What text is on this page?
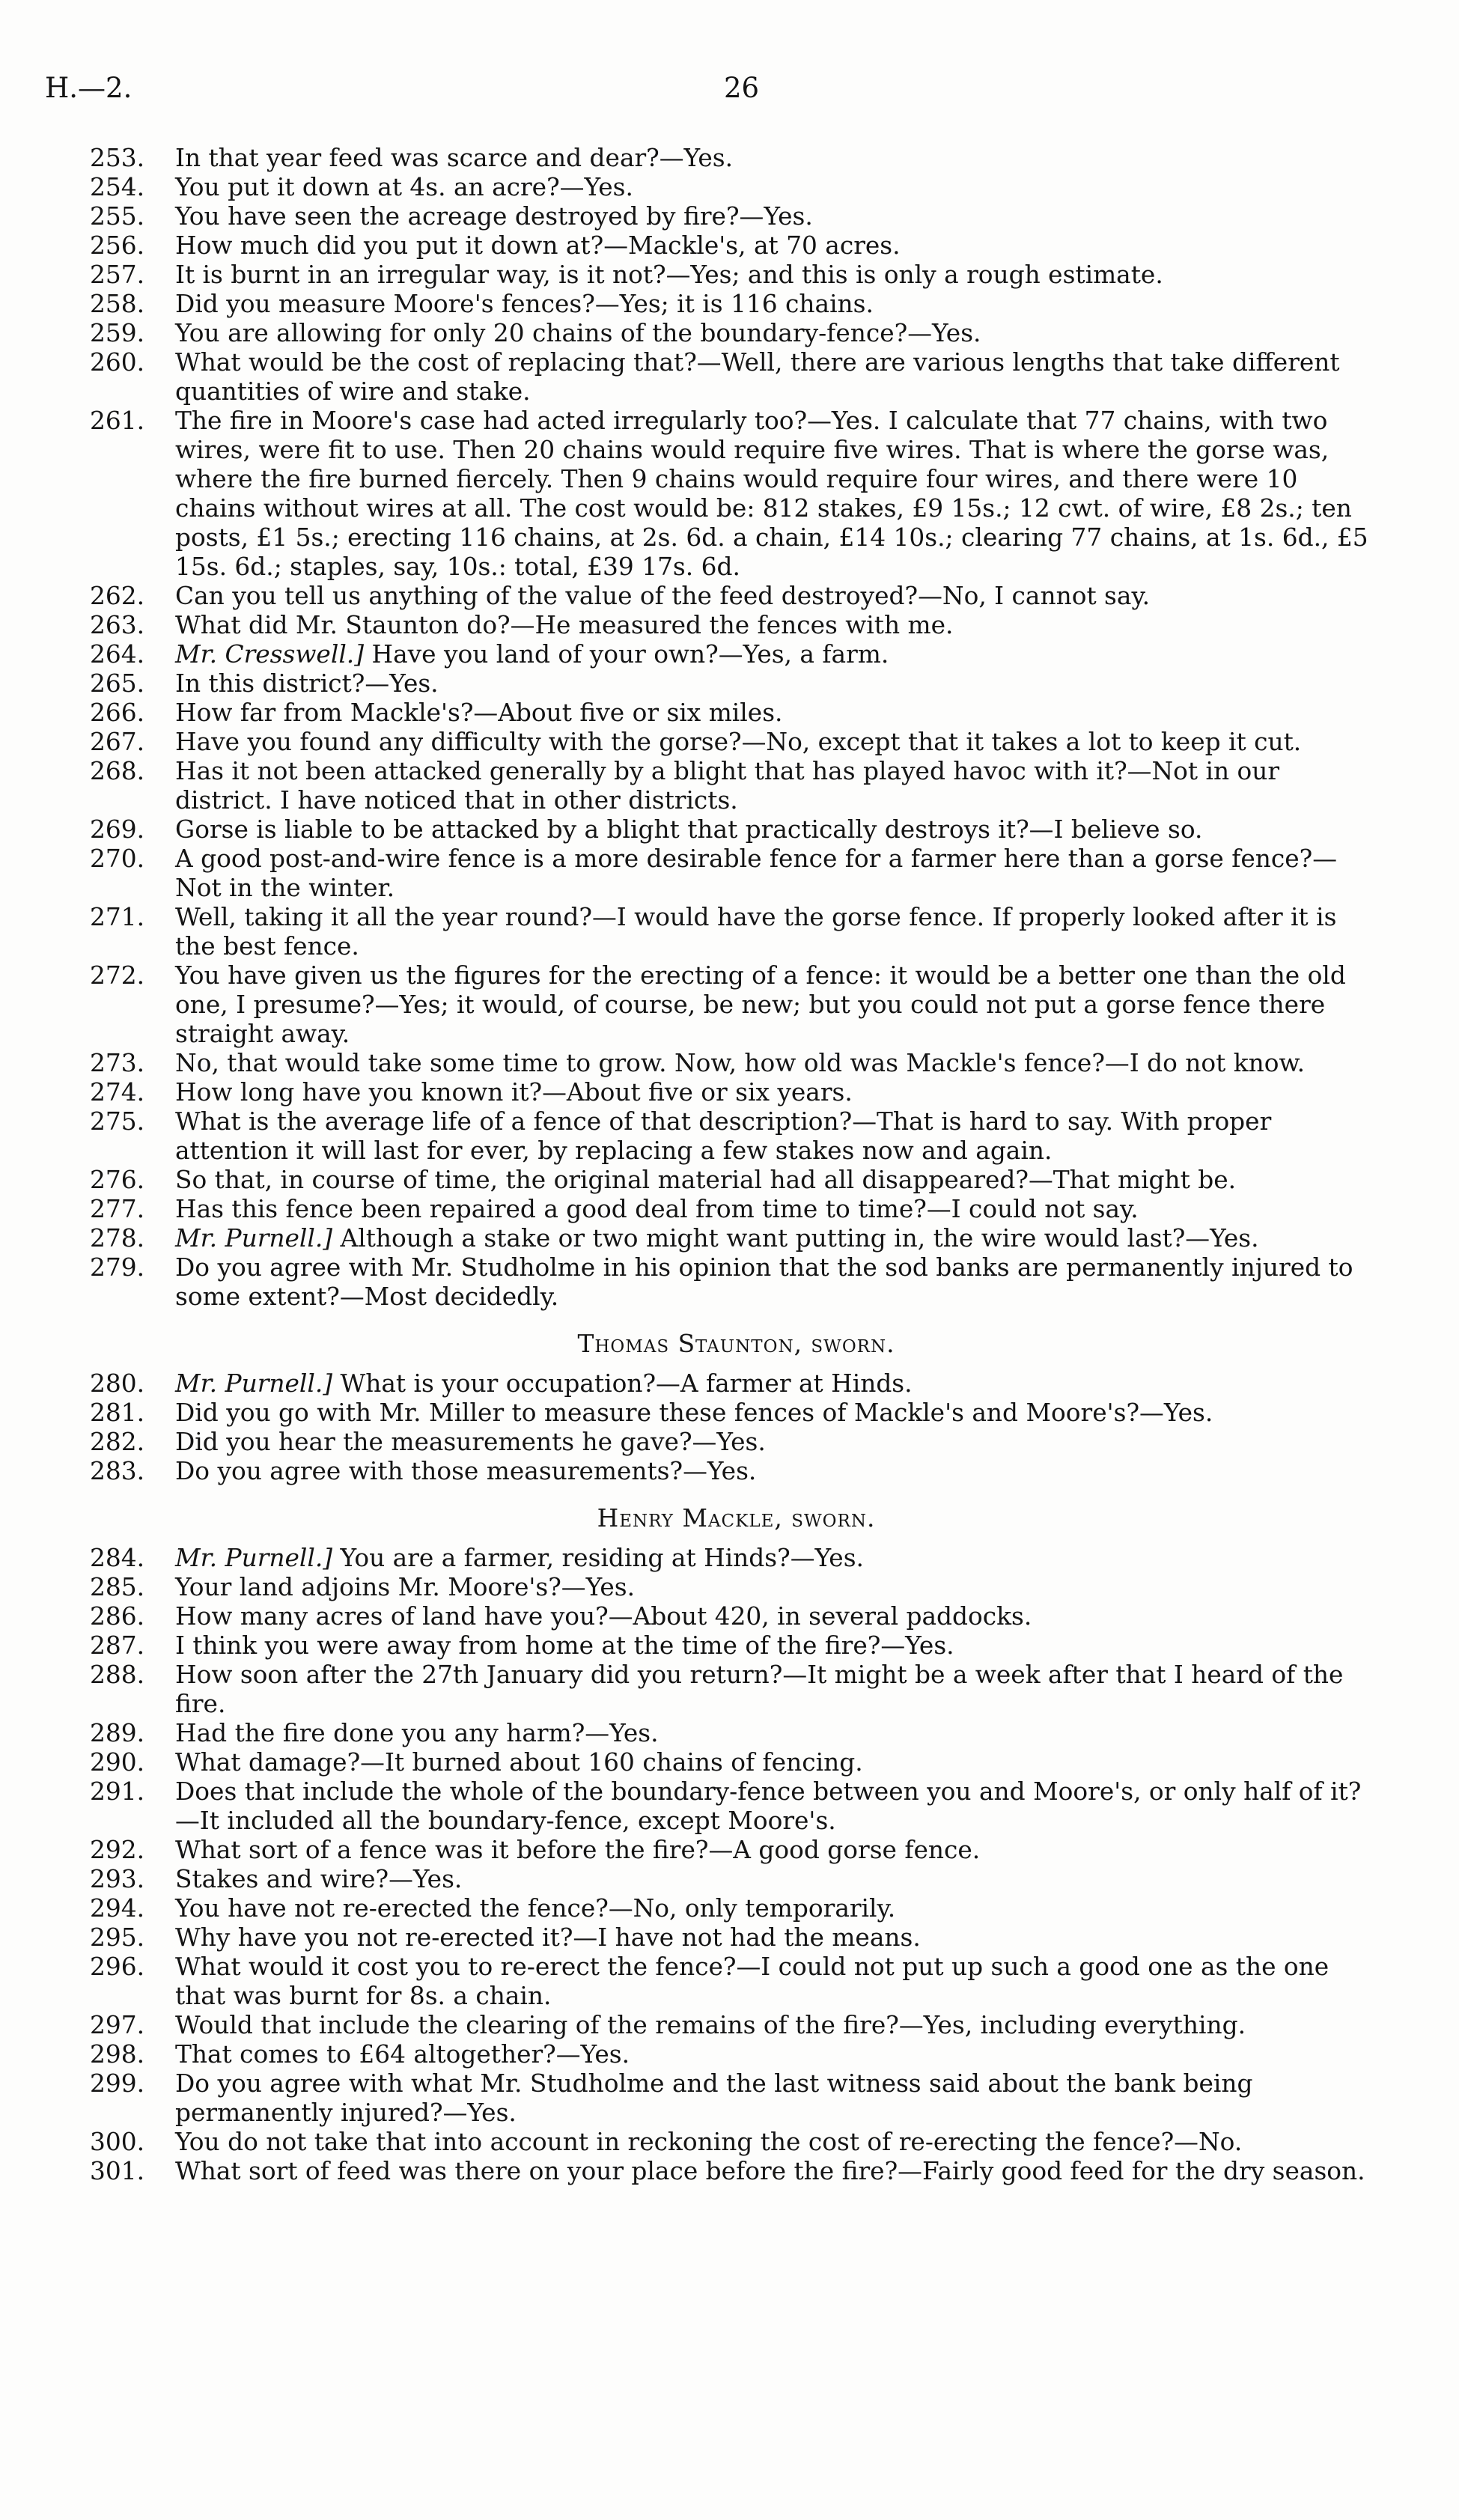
H.—2.	26

253. In that year feed was scarce and dear?—Yes.

254. You put it down at 4s. an acre?—Yes.

255. You have seen the acreage destroyed by fire?—Yes.

256. How much did you put it down at?—Mackle's, at 70 acres.

257. It is burnt in an irregular way, is it not?—Yes; and this is only a rough estimate.

258. Did you measure Moore's fences?—Yes; it is 116 chains.

259. You are allowing for only 20 chains of the boundary-fence?—Yes.

260. What would be the cost of replacing that?—Well, there are various lengths that take different quantities of wire and stake.

261. The fire in Moore's case had acted irregularly too?—Yes. I calculate that 77 chains, with two wires, were fit to use. Then 20 chains would require five wires. That is where the gorse was, where the fire burned fiercely. Then 9 chains would require four wires, and there were 10 chains without wires at all. The cost would be: 812 stakes, £9 15s.; 12 cwt. of wire, £8 2s.; ten posts, £1 5s.; erecting 116 chains, at 2s. 6d. a chain, £14 10s.; clearing 77 chains, at 1s. 6d., £5 15s. 6d.; staples, say, 10s.: total, £39 17s. 6d.

262. Can you tell us anything of the value of the feed destroyed?—No, I cannot say.

263. What did Mr. Staunton do?—He measured the fences with me.

264. Mr. Cresswell.] Have you land of your own?—Yes, a farm.

265. In this district?—Yes.

266. How far from Mackle's?—About five or six miles.

267. Have you found any difficulty with the gorse?—No, except that it takes a lot to keep it cut.

268. Has it not been attacked generally by a blight that has played havoc with it?—Not in our district. I have noticed that in other districts.

269. Gorse is liable to be attacked by a blight that practically destroys it?—I believe so.

270. A good post-and-wire fence is a more desirable fence for a farmer here than a gorse fence?—Not in the winter.

271. Well, taking it all the year round?—I would have the gorse fence. If properly looked after it is the best fence.

272. You have given us the figures for the erecting of a fence: it would be a better one than the old one, I presume?—Yes; it would, of course, be new; but you could not put a gorse fence there straight away.

273. No, that would take some time to grow. Now, how old was Mackle's fence?—I do not know.

274. How long have you known it?—About five or six years.

275. What is the average life of a fence of that description?—That is hard to say. With proper attention it will last for ever, by replacing a few stakes now and again.

276. So that, in course of time, the original material had all disappeared?—That might be.

277. Has this fence been repaired a good deal from time to time?—I could not say.

278. Mr. Purnell.] Although a stake or two might want putting in, the wire would last?—Yes.

279. Do you agree with Mr. Studholme in his opinion that the sod banks are permanently injured to some extent?—Most decidedly.

Thomas Staunton, sworn.

280. Mr. Purnell.] What is your occupation?—A farmer at Hinds.

281. Did you go with Mr. Miller to measure these fences of Mackle's and Moore's?—Yes.

282. Did you hear the measurements he gave?—Yes.

283. Do you agree with those measurements?—Yes.

Henry Mackle, sworn.

284. Mr. Purnell.] You are a farmer, residing at Hinds?—Yes.

285. Your land adjoins Mr. Moore's?—Yes.

286. How many acres of land have you?—About 420, in several paddocks.

287. I think you were away from home at the time of the fire?—Yes.

288. How soon after the 27th January did you return?—It might be a week after that I heard of the fire.

289. Had the fire done you any harm?—Yes.

290. What damage?—It burned about 160 chains of fencing.

291. Does that include the whole of the boundary-fence between you and Moore's, or only half of it?—It included all the boundary-fence, except Moore's.

292. What sort of a fence was it before the fire?—A good gorse fence.

293. Stakes and wire?—Yes.

294. You have not re-erected the fence?—No, only temporarily.

295. Why have you not re-erected it?—I have not had the means.

296. What would it cost you to re-erect the fence?—I could not put up such a good one as the one that was burnt for 8s. a chain.

297. Would that include the clearing of the remains of the fire?—Yes, including everything.

298. That comes to £64 altogether?—Yes.

299. Do you agree with what Mr. Studholme and the last witness said about the bank being permanently injured?—Yes.

300. You do not take that into account in reckoning the cost of re-erecting the fence?—No.

301. What sort of feed was there on your place before the fire?—Fairly good feed for the dry season.
